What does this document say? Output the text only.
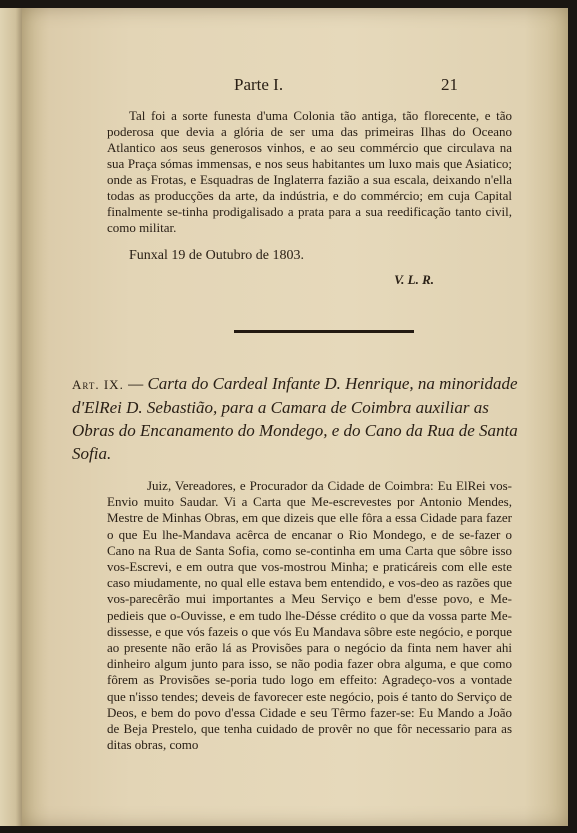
Parte I.	21
Tal foi a sorte funesta d'uma Colonia tão antiga, tão florecente, e tão poderosa que devia a glória de ser uma das primeiras Ilhas do Oceano Atlantico aos seus generosos vinhos, e ao seu commércio que circulava na sua Praça sómas immensas, e nos seus habitantes um luxo mais que Asiatico; onde as Frotas, e Esquadras de Inglaterra fazião a sua escala, deixando n'ella todas as producções da arte, da indústria, e do commércio; em cuja Capital finalmente se-tinha prodigalisado a prata para a sua reedificação tanto civil, como militar.
Funxal 19 de Outubro de 1803.
V. L. R.
Art. IX. — Carta do Cardeal Infante D. Henrique, na minoridade d'ElRei D. Sebastião, para a Camara de Coimbra auxiliar as Obras do Encanamento do Mondego, e do Cano da Rua de Santa Sofia.
Juiz, Vereadores, e Procurador da Cidade de Coimbra: Eu ElRei vos-Envio muito Saudar. Vi a Carta que Me-escrevestes por Antonio Mendes, Mestre de Minhas Obras, em que dizeis que elle fôra a essa Cidade para fazer o que Eu lhe-Mandava acêrca de encanar o Rio Mondego, e de se-fazer o Cano na Rua de Santa Sofia, como se-continha em uma Carta que sôbre isso vos-Escrevi, e em outra que vos-mostrou Minha; e praticáreis com elle este caso miudamente, no qual elle estava bem entendido, e vos-deo as razões que vos-parecêrão mui importantes a Meu Serviço e bem d'esse povo, e Me-pedieis que o-Ouvisse, e em tudo lhe-Désse crédito o que da vossa parte Me-dissesse, e que vós fazeis o que vós Eu Mandava sôbre este negócio, e porque ao presente não erão lá as Provisões para o negócio da finta nem haver ahi dinheiro algum junto para isso, se não podia fazer obra alguma, e que como fôrem as Provisões se-poria tudo logo em effeito: Agradeço-vos a vontade que n'isso tendes; deveis de favorecer este negócio, pois é tanto do Serviço de Deos, e bem do povo d'essa Cidade e seu Têrmo fazer-se: Eu Mando a João de Beja Prestelo, que tenha cuidado de provêr no que fôr necessario para as ditas obras, como
